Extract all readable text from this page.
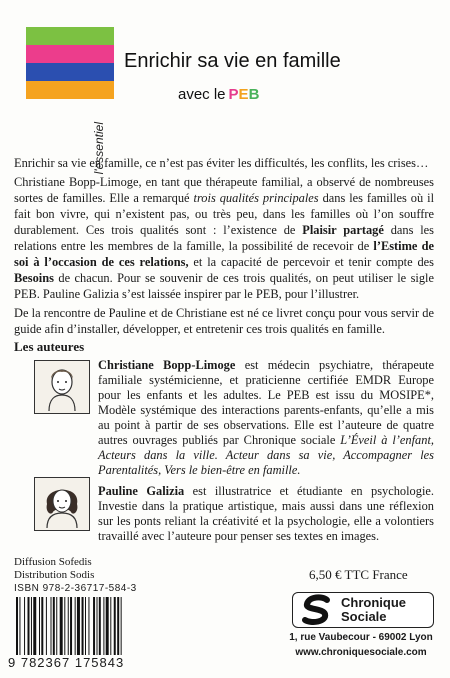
l'essentiel
Enrichir sa vie en famille
avec le PEB

Enrichir sa vie en famille, ce n’est pas éviter les difficultés, les conflits, les crises…

Christiane Bopp-Limoge, en tant que thérapeute familial, a observé de nombreuses sortes de familles. Elle a remarqué trois qualités principales dans les familles où il fait bon vivre, qui n’existent pas, ou très peu, dans les familles où l’on souffre durablement. Ces trois qualités sont : l’existence de Plaisir partagé dans les relations entre les membres de la famille, la possibilité de recevoir de l’Estime de soi à l’occasion de ces relations, et la capacité de percevoir et tenir compte des Besoins de chacun. Pour se souvenir de ces trois qualités, on peut utiliser le sigle PEB. Pauline Galizia s’est laissée inspirer par le PEB, pour l’illustrer.

De la rencontre de Pauline et de Christiane est né ce livret conçu pour vous servir de guide afin d’installer, développer, et entretenir ces trois qualités en famille.

Les auteures
Christiane Bopp-Limoge est médecin psychiatre, thérapeute familiale systémicienne, et praticienne certifiée EMDR Europe pour les enfants et les adultes. Le PEB est issu du MOSIPE*, Modèle systémique des interactions parents-enfants, qu’elle a mis au point à partir de ses observations. Elle est l’auteure de quatre autres ouvrages publiés par Chronique sociale L’Éveil à l’enfant, Acteurs dans la ville. Acteur dans sa vie, Accompagner les Parentalités, Vers le bien-être en famille.
Pauline Galizia est illustratrice et étudiante en psychologie. Investie dans la pratique artistique, mais aussi dans une réflexion sur les ponts reliant la créativité et la psychologie, elle a volontiers travaillé avec l’auteure pour penser ses textes en images.
Diffusion Sofedis
Distribution Sodis
ISBN 978-2-36717-584-3
9 782367 175843
6,50 € TTC France
Chronique
Sociale
1, rue Vaubecour - 69002 Lyon
www.chroniquesociale.com
